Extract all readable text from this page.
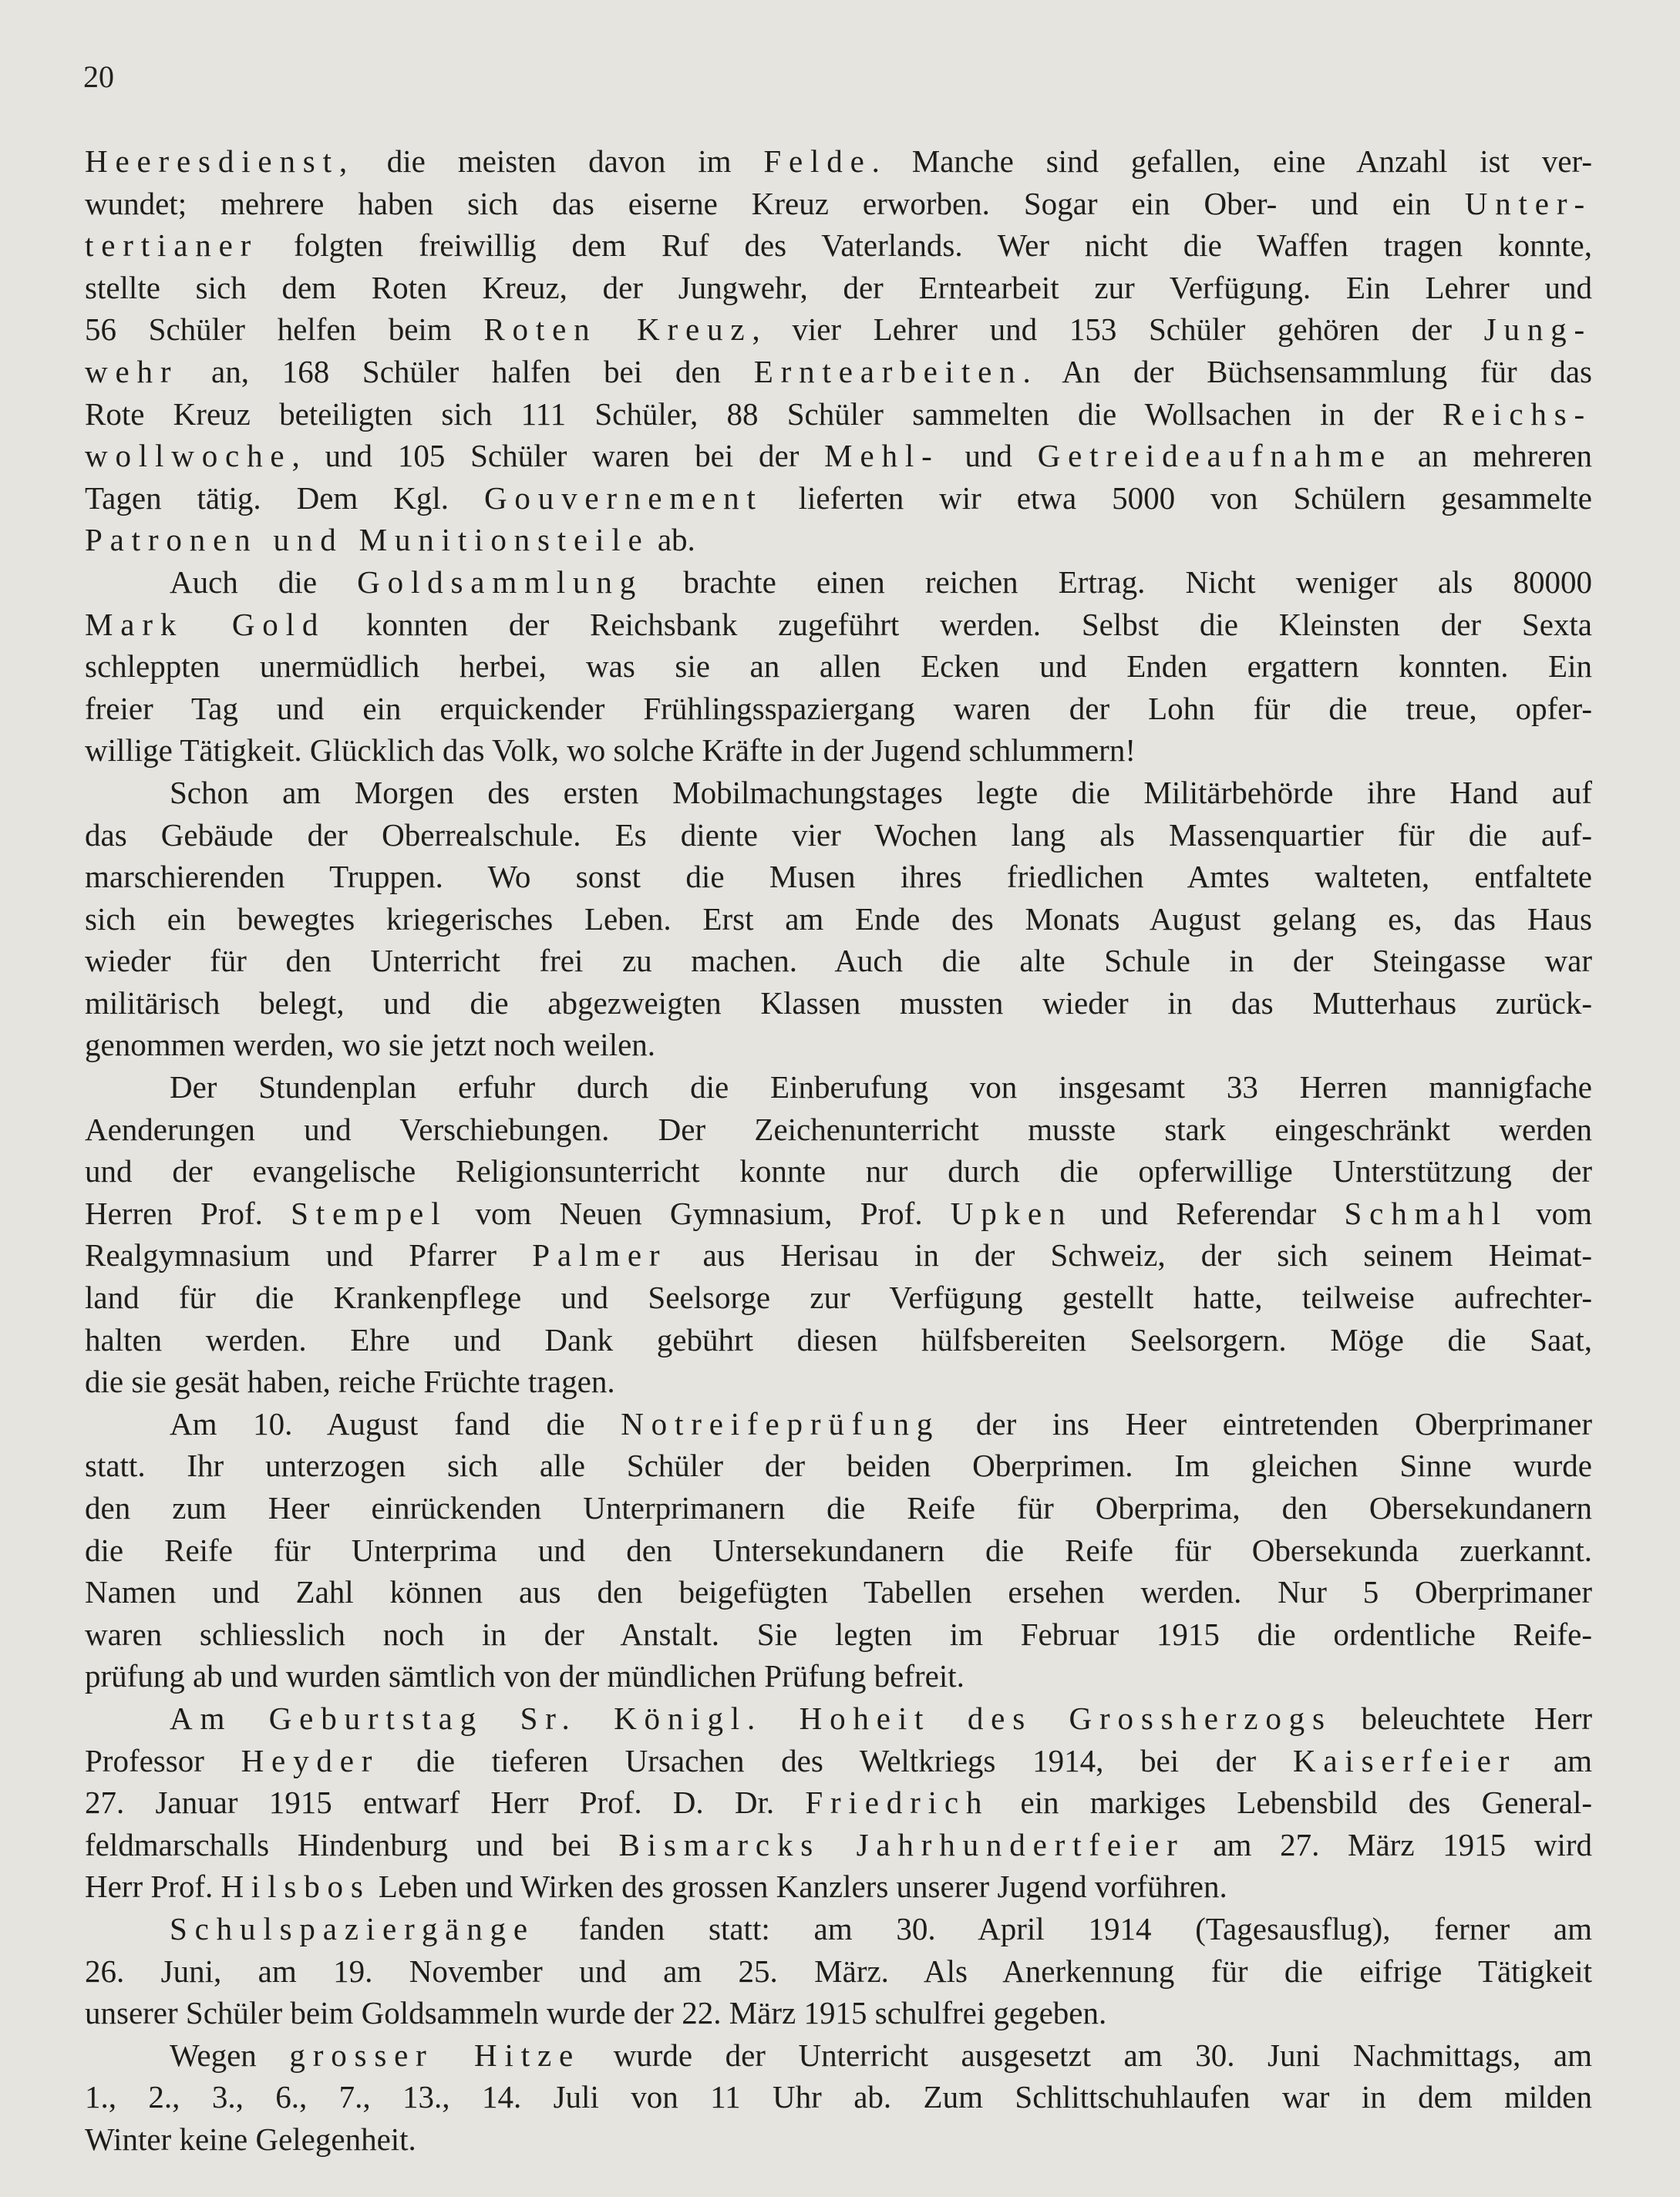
20
Heeresdienst, die meisten davon im Felde. Manche sind gefallen, eine Anzahl ist ver-
wundet; mehrere haben sich das eiserne Kreuz erworben. Sogar ein Ober- und ein Unter-
tertianer folgten freiwillig dem Ruf des Vaterlands. Wer nicht die Waffen tragen konnte,
stellte sich dem Roten Kreuz, der Jungwehr, der Erntearbeit zur Verfügung. Ein Lehrer und
56 Schüler helfen beim Roten Kreuz, vier Lehrer und 153 Schüler gehören der Jung-
wehr an, 168 Schüler halfen bei den Erntearbeiten. An der Büchsensammlung für das
Rote Kreuz beteiligten sich 111 Schüler, 88 Schüler sammelten die Wollsachen in der Reichs-
wollwoche, und 105 Schüler waren bei der Mehl- und Getreideaufnahme an mehreren
Tagen tätig. Dem Kgl. Gouvernement lieferten wir etwa 5000 von Schülern gesammelte
Patronen und Munitionsteile ab.
Auch die Goldsammlung brachte einen reichen Ertrag. Nicht weniger als 80000
Mark Gold konnten der Reichsbank zugeführt werden. Selbst die Kleinsten der Sexta
schleppten unermüdlich herbei, was sie an allen Ecken und Enden ergattern konnten. Ein
freier Tag und ein erquickender Frühlingsspaziergang waren der Lohn für die treue, opfer-
willige Tätigkeit. Glücklich das Volk, wo solche Kräfte in der Jugend schlummern!
Schon am Morgen des ersten Mobilmachungstages legte die Militärbehörde ihre Hand auf
das Gebäude der Oberrealschule. Es diente vier Wochen lang als Massenquartier für die auf-
marschierenden Truppen. Wo sonst die Musen ihres friedlichen Amtes walteten, entfaltete
sich ein bewegtes kriegerisches Leben. Erst am Ende des Monats August gelang es, das Haus
wieder für den Unterricht frei zu machen. Auch die alte Schule in der Steingasse war
militärisch belegt, und die abgezweigten Klassen mussten wieder in das Mutterhaus zurück-
genommen werden, wo sie jetzt noch weilen.
Der Stundenplan erfuhr durch die Einberufung von insgesamt 33 Herren mannigfache
Aenderungen und Verschiebungen. Der Zeichenunterricht musste stark eingeschränkt werden
und der evangelische Religionsunterricht konnte nur durch die opferwillige Unterstützung der
Herren Prof. Stempel vom Neuen Gymnasium, Prof. Upken und Referendar Schmahl vom
Realgymnasium und Pfarrer Palmer aus Herisau in der Schweiz, der sich seinem Heimat-
land für die Krankenpflege und Seelsorge zur Verfügung gestellt hatte, teilweise aufrechter-
halten werden. Ehre und Dank gebührt diesen hülfsbereiten Seelsorgern. Möge die Saat,
die sie gesät haben, reiche Früchte tragen.
Am 10. August fand die Notreifeprüfung der ins Heer eintretenden Oberprimaner
statt. Ihr unterzogen sich alle Schüler der beiden Oberprimen. Im gleichen Sinne wurde
den zum Heer einrückenden Unterprimanern die Reife für Oberprima, den Obersekundanern
die Reife für Unterprima und den Untersekundanern die Reife für Obersekunda zuerkannt.
Namen und Zahl können aus den beigefügten Tabellen ersehen werden. Nur 5 Oberprimaner
waren schliesslich noch in der Anstalt. Sie legten im Februar 1915 die ordentliche Reife-
prüfung ab und wurden sämtlich von der mündlichen Prüfung befreit.
Am Geburtstag Sr. Königl. Hoheit des Grossherzogs beleuchtete Herr
Professor Heyder die tieferen Ursachen des Weltkriegs 1914, bei der Kaiserfeier am
27. Januar 1915 entwarf Herr Prof. D. Dr. Friedrich ein markiges Lebensbild des General-
feldmarschalls Hindenburg und bei Bismarcks Jahrhundertfeier am 27. März 1915 wird
Herr Prof. Hilsbos Leben und Wirken des grossen Kanzlers unserer Jugend vorführen.
Schulspaziergänge fanden statt: am 30. April 1914 (Tagesausflug), ferner am
26. Juni, am 19. November und am 25. März. Als Anerkennung für die eifrige Tätigkeit
unserer Schüler beim Goldsammeln wurde der 22. März 1915 schulfrei gegeben.
Wegen grosser Hitze wurde der Unterricht ausgesetzt am 30. Juni Nachmittags, am
1., 2., 3., 6., 7., 13., 14. Juli von 11 Uhr ab. Zum Schlittschuhlaufen war in dem milden
Winter keine Gelegenheit.
